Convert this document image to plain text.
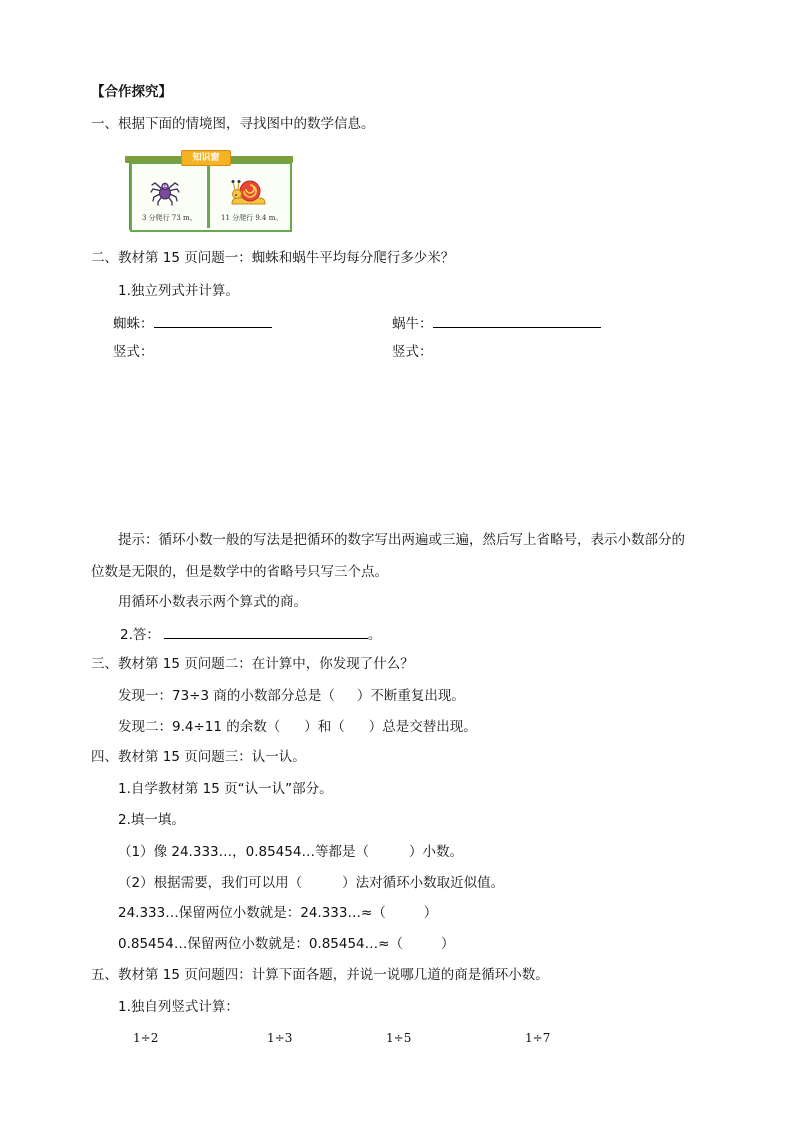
【合作探究】
一、根据下面的情境图，寻找图中的数学信息。
知识窗
3 分爬行 73 m。	11 分爬行 9.4 m。
二、教材第 15 页问题一：蜘蛛和蜗牛平均每分爬行多少米？
1.独立列式并计算。
蜘蛛：	蜗牛：
竖式：	竖式：
提示：循环小数一般的写法是把循环的数字写出两遍或三遍，然后写上省略号，表示小数部分的
位数是无限的，但是数学中的省略号只写三个点。
用循环小数表示两个算式的商。
2.答：	。
三、教材第 15 页问题二：在计算中，你发现了什么？
发现一：73÷3 商的小数部分总是（ ）不断重复出现。
发现二：9.4÷11 的余数（ ）和（ ）总是交替出现。
四、教材第 15 页问题三：认一认。
1.自学教材第 15 页“认一认”部分。
2.填一填。
（1）像 24.333…，0.85454…等都是（	）小数。
（2）根据需要，我们可以用（	）法对循环小数取近似值。
24.333…保留两位小数就是：24.333…≈（	）
0.85454…保留两位小数就是：0.85454…≈（	）
五、教材第 15 页问题四：计算下面各题，并说一说哪几道的商是循环小数。
1.独自列竖式计算：
1÷2	1÷3	1÷5	1÷7
